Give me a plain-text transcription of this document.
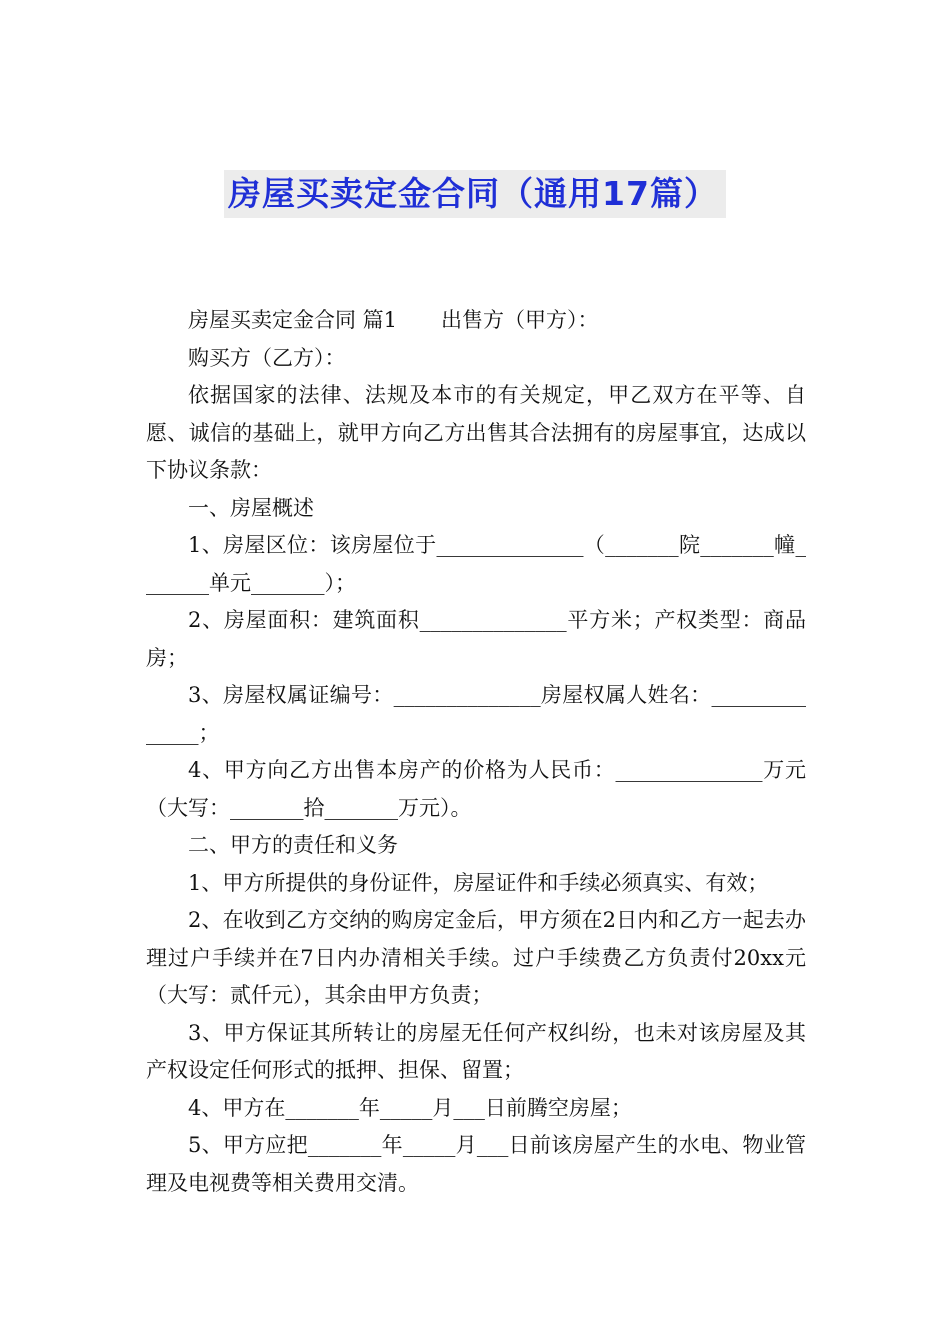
房屋买卖定金合同（通用17篇）

房屋买卖定金合同 篇1 出售方（甲方）：

购买方（乙方）：

依据国家的法律、法规及本市的有关规定，甲乙双方在平等、自愿、诚信的基础上，就甲方向乙方出售其合法拥有的房屋事宜，达成以下协议条款：

一、房屋概述

1、房屋区位：该房屋位于______________（_______院_______幢_______单元_______）；

2、房屋面积：建筑面积______________平方米；产权类型：商品房；

3、房屋权属证编号：______________房屋权属人姓名：______________；

4、甲方向乙方出售本房产的价格为人民币：______________万元（大写：_______拾_______万元）。

二、甲方的责任和义务

1、甲方所提供的身份证件，房屋证件和手续必须真实、有效；

2、在收到乙方交纳的购房定金后，甲方须在2日内和乙方一起去办理过户手续并在7日内办清相关手续。过户手续费乙方负责付20xx元（大写：贰仟元），其余由甲方负责；

3、甲方保证其所转让的房屋无任何产权纠纷，也未对该房屋及其产权设定任何形式的抵押、担保、留置；

4、甲方在_______年_____月___日前腾空房屋；

5、甲方应把_______年_____月___日前该房屋产生的水电、物业管理及电视费等相关费用交清。
